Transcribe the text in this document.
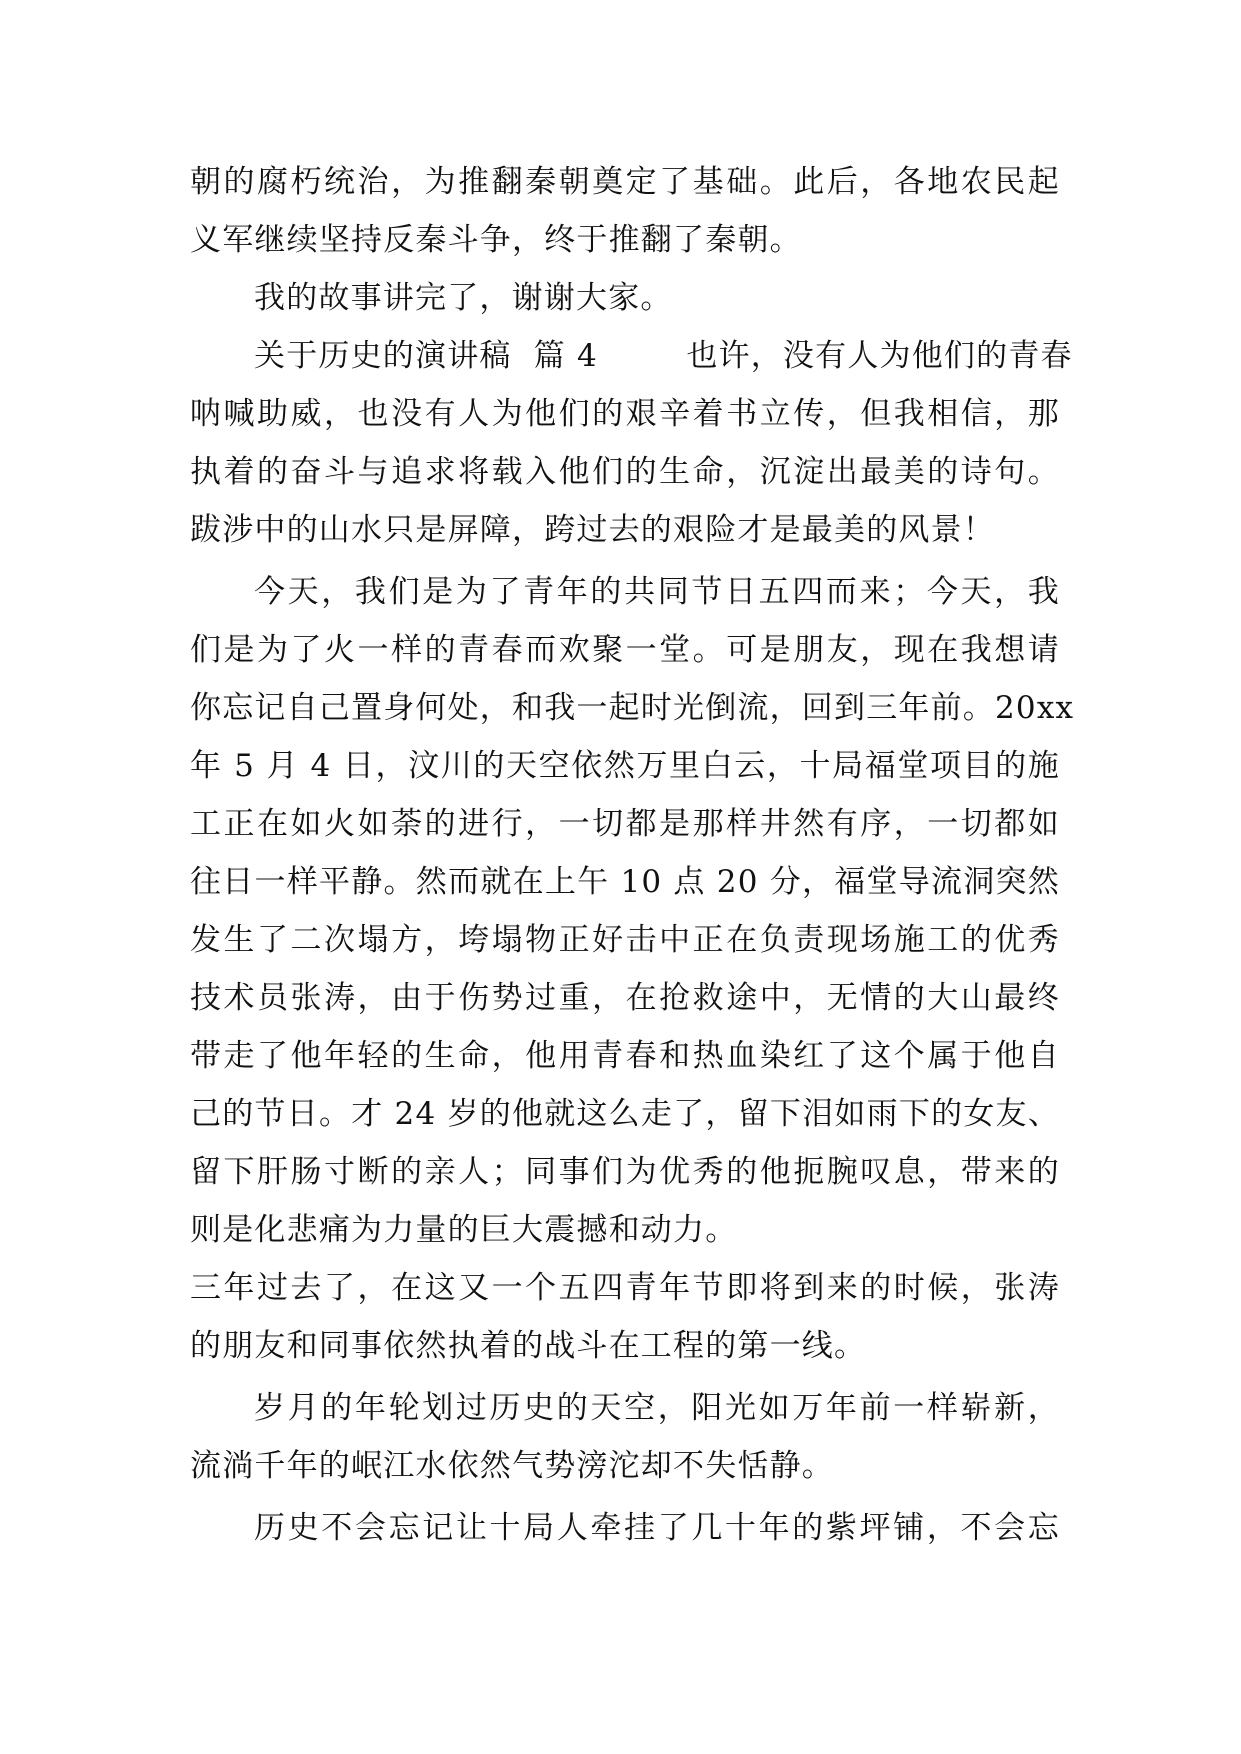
朝的腐朽统治，为推翻秦朝奠定了基础。此后，各地农民起
义军继续坚持反秦斗争，终于推翻了秦朝。
我的故事讲完了，谢谢大家。
关于历史的演讲稿  篇 4        也许，没有人为他们的青春
呐喊助威，也没有人为他们的艰辛着书立传，但我相信，那
执着的奋斗与追求将载入他们的生命，沉淀出最美的诗句。
跋涉中的山水只是屏障，跨过去的艰险才是最美的风景！
今天，我们是为了青年的共同节日五四而来；今天，我
们是为了火一样的青春而欢聚一堂。可是朋友，现在我想请
你忘记自己置身何处，和我一起时光倒流，回到三年前。20xx
年 5 月 4 日，汶川的天空依然万里白云，十局福堂项目的施
工正在如火如荼的进行，一切都是那样井然有序，一切都如
往日一样平静。然而就在上午 10 点 20 分，福堂导流洞突然
发生了二次塌方，垮塌物正好击中正在负责现场施工的优秀
技术员张涛，由于伤势过重，在抢救途中，无情的大山最终
带走了他年轻的生命，他用青春和热血染红了这个属于他自
己的节日。才 24 岁的他就这么走了，留下泪如雨下的女友、
留下肝肠寸断的亲人；同事们为优秀的他扼腕叹息，带来的
则是化悲痛为力量的巨大震撼和动力。
三年过去了，在这又一个五四青年节即将到来的时候，张涛
的朋友和同事依然执着的战斗在工程的第一线。
岁月的年轮划过历史的天空，阳光如万年前一样崭新，
流淌千年的岷江水依然气势滂沱却不失恬静。
历史不会忘记让十局人牵挂了几十年的紫坪铺，不会忘
